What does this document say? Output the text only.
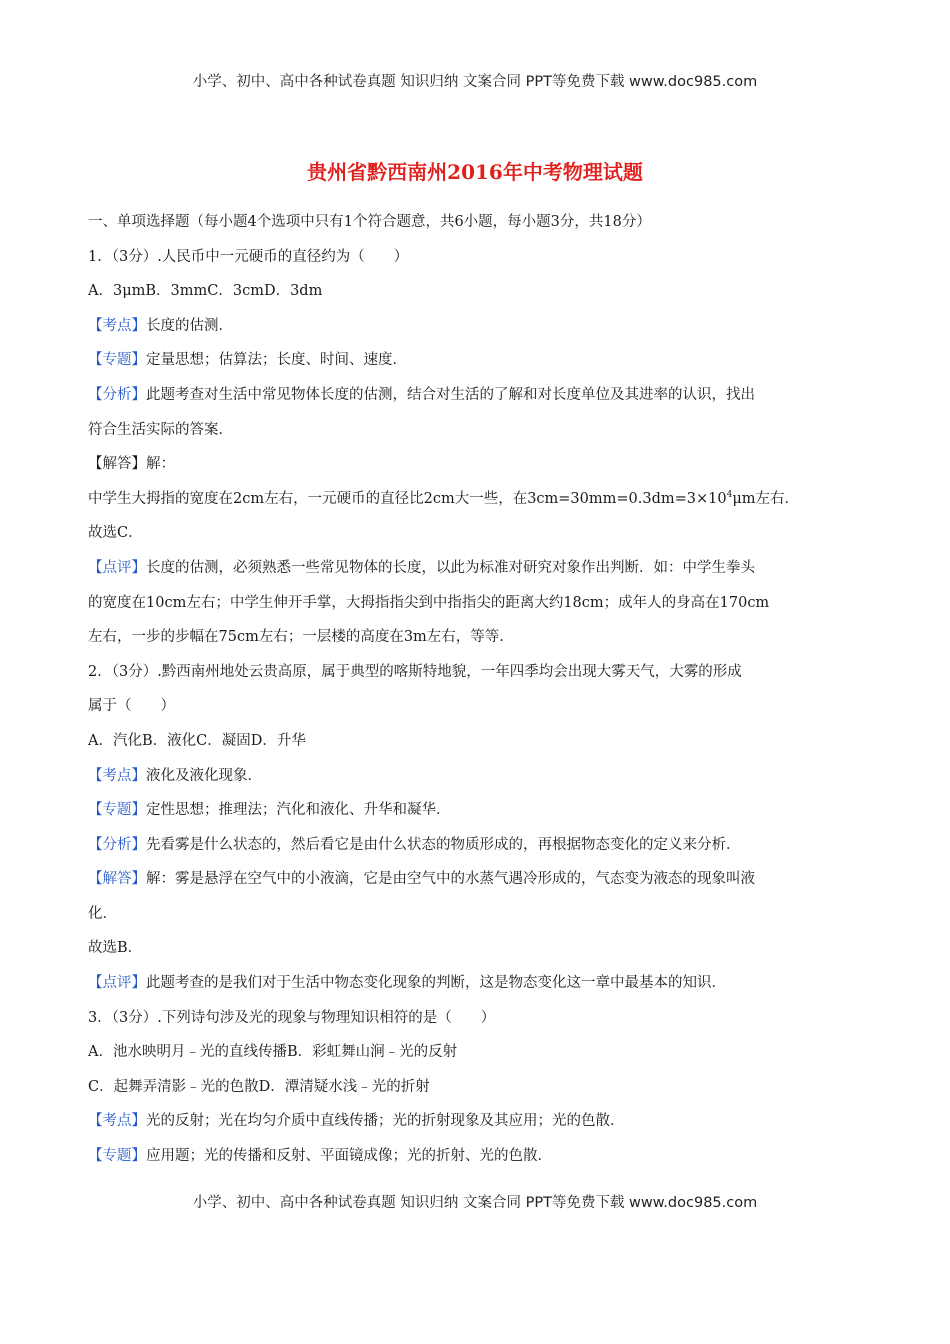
小学、初中、高中各种试卷真题 知识归纳 文案合同 PPT等免费下载 www.doc985.com
贵州省黔西南州2016年中考物理试题
一、单项选择题（每小题4个选项中只有1个符合题意，共6小题，每小题3分，共18分）
1．（3分）.人民币中一元硬币的直径约为（　　）
A．3μmB．3mmC．3cmD．3dm
【考点】长度的估测．
【专题】定量思想；估算法；长度、时间、速度．
【分析】此题考查对生活中常见物体长度的估测，结合对生活的了解和对长度单位及其进率的认识，找出
符合生活实际的答案．
【解答】解：
中学生大拇指的宽度在2cm左右，一元硬币的直径比2cm大一些，在$3cm=30mm=0.3dm=3\times 10^4\mu m$左右．
故选C．
【点评】长度的估测，必须熟悉一些常见物体的长度，以此为标准对研究对象作出判断．如：中学生拳头
的宽度在10cm左右；中学生伸开手掌，大拇指指尖到中指指尖的距离大约18cm；成年人的身高在170cm
左右，一步的步幅在75cm左右；一层楼的高度在3m左右，等等．
2．（3分）.黔西南州地处云贵高原，属于典型的喀斯特地貌，一年四季均会出现大雾天气，大雾的形成
属于（　　）
A．汽化B．液化C．凝固D．升华
【考点】液化及液化现象．
【专题】定性思想；推理法；汽化和液化、升华和凝华．
【分析】先看雾是什么状态的，然后看它是由什么状态的物质形成的，再根据物态变化的定义来分析．
【解答】解：雾是悬浮在空气中的小液滴，它是由空气中的水蒸气遇冷形成的，气态变为液态的现象叫液
化．
故选B．
【点评】此题考查的是我们对于生活中物态变化现象的判断，这是物态变化这一章中最基本的知识．
3．（3分）.下列诗句涉及光的现象与物理知识相符的是（　　）
A．池水映明月﹣光的直线传播B．彩虹舞山涧﹣光的反射
C．起舞弄清影﹣光的色散D．潭清疑水浅﹣光的折射
【考点】光的反射；光在均匀介质中直线传播；光的折射现象及其应用；光的色散．
【专题】应用题；光的传播和反射、平面镜成像；光的折射、光的色散．
小学、初中、高中各种试卷真题 知识归纳 文案合同 PPT等免费下载 www.doc985.com
